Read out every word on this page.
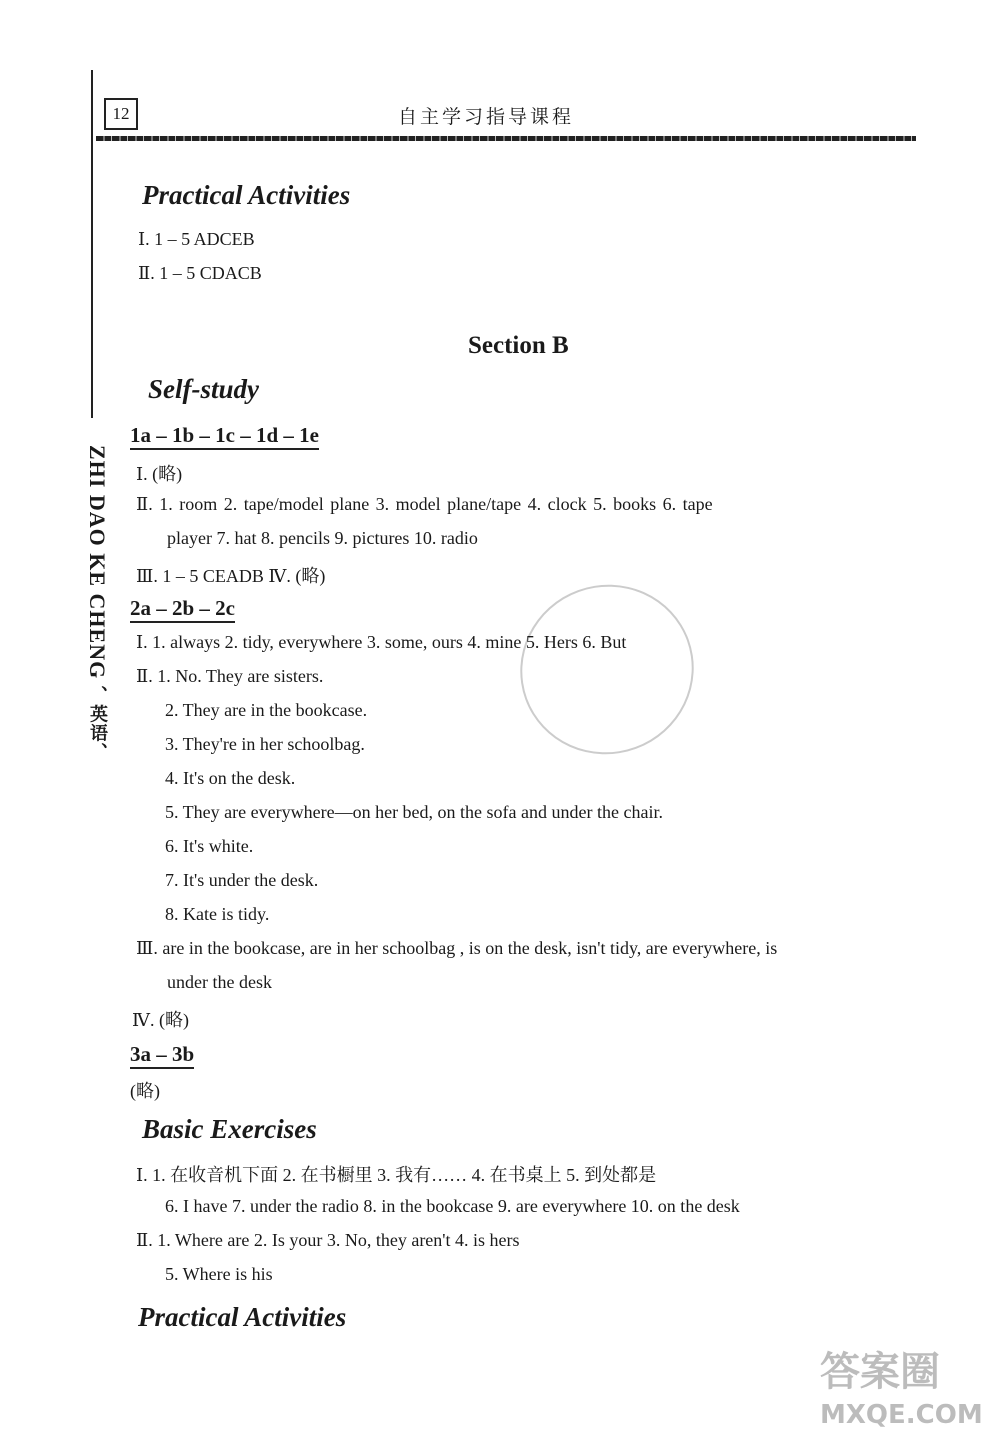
12	自主学习指导课程
ZHI DAO KE CHENG 、英语、
Practical Activities
Ⅰ. 1 – 5 ADCEB
Ⅱ. 1 – 5 CDACB
Section B
Self-study
1a – 1b – 1c – 1d – 1e
Ⅰ. (略)
Ⅱ. 1. room 2. tape/model plane 3. model plane/tape 4. clock 5. books 6. tape
player 7. hat 8. pencils 9. pictures 10. radio
Ⅲ. 1 – 5 CEADB Ⅳ. (略)
2a – 2b – 2c
Ⅰ. 1. always 2. tidy, everywhere 3. some, ours 4. mine 5. Hers 6. But
Ⅱ. 1. No. They are sisters.
2. They are in the bookcase.
3. They're in her schoolbag.
4. It's on the desk.
5. They are everywhere—on her bed, on the sofa and under the chair.
6. It's white.
7. It's under the desk.
8. Kate is tidy.
Ⅲ. are in the bookcase, are in her schoolbag , is on the desk, isn't tidy, are everywhere, is
under the desk
Ⅳ. (略)
3a – 3b
(略)
Basic Exercises
Ⅰ. 1. 在收音机下面 2. 在书橱里 3. 我有…… 4. 在书桌上 5. 到处都是
6. I have 7. under the radio 8. in the bookcase 9. are everywhere 10. on the desk
Ⅱ. 1. Where are 2. Is your 3. No, they aren't 4. is hers
5. Where is his
Practical Activities
答案圈
MXQE.COM
